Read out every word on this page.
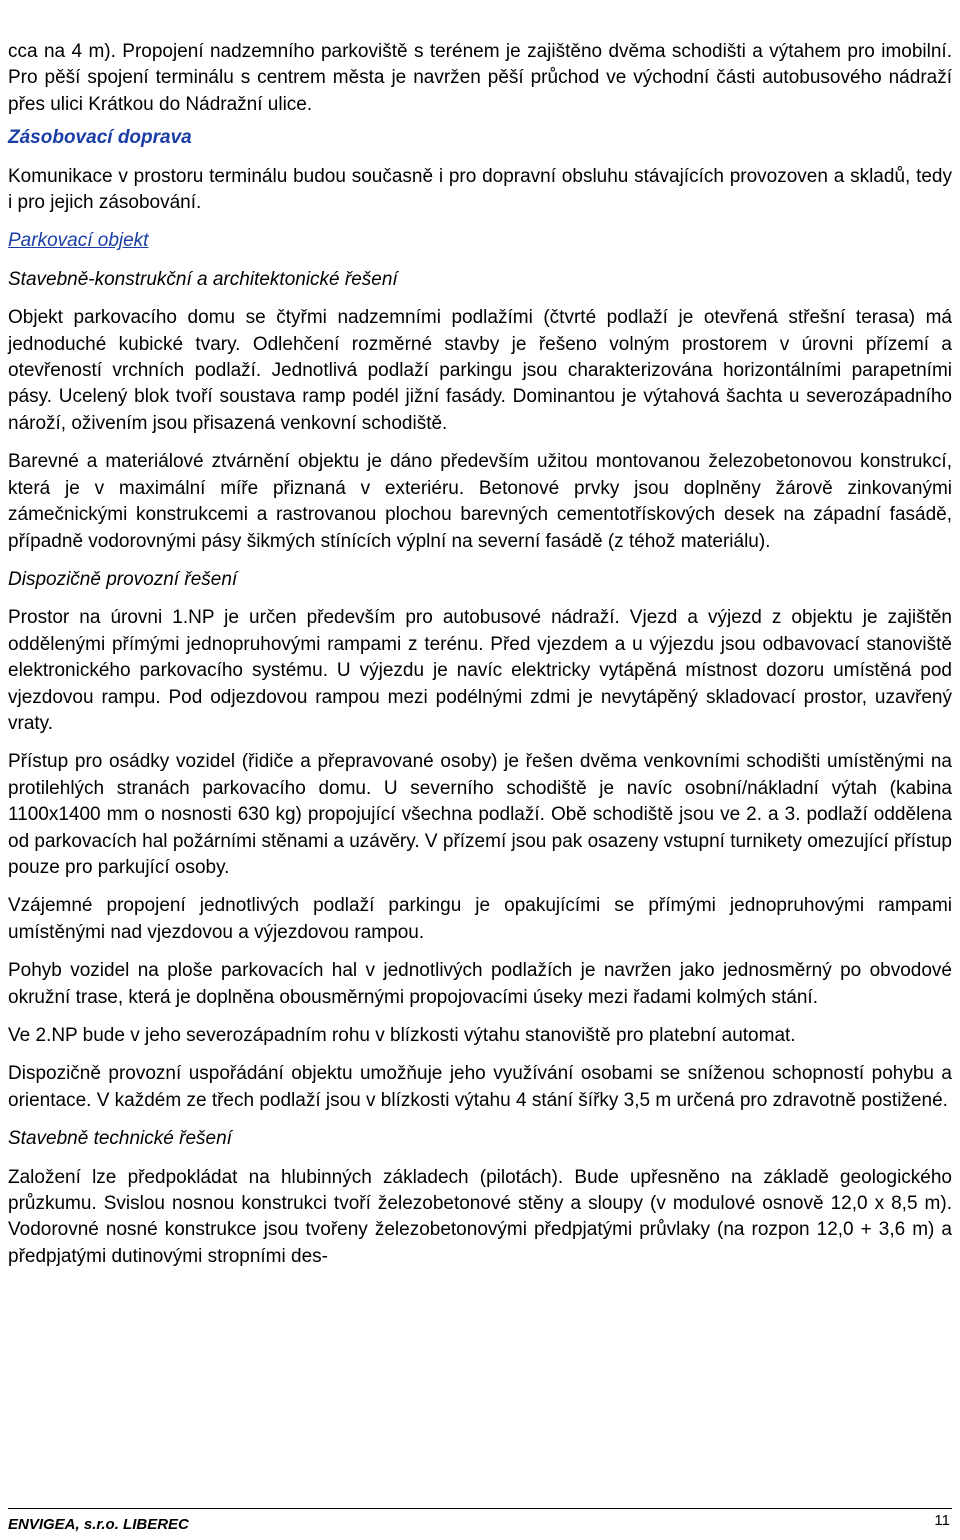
cca na 4 m). Propojení nadzemního parkoviště s terénem je zajištěno dvěma schodišti a výtahem pro imobilní. Pro pěší spojení terminálu s centrem města je navržen pěší průchod ve východní části autobusového nádraží přes ulici Krátkou do Nádražní ulice.

Zásobovací doprava

Komunikace v prostoru terminálu budou současně i pro dopravní obsluhu stávajících provozoven a skladů, tedy i pro jejich zásobování.

Parkovací objekt
Stavebně-konstrukční a architektonické řešení

Objekt parkovacího domu se čtyřmi nadzemními podlažími (čtvrté podlaží je otevřená střešní terasa) má jednoduché kubické tvary. Odlehčení rozměrné stavby je řešeno volným prostorem v úrovni přízemí a otevřeností vrchních podlaží. Jednotlivá podlaží parkingu jsou charakterizována horizontálními parapetními pásy. Ucelený blok tvoří soustava ramp podél jižní fasády. Dominantou je výtahová šachta u severozápadního nároží, oživením jsou přisazená venkovní schodiště.

Barevné a materiálové ztvárnění objektu je dáno především užitou montovanou železobetonovou konstrukcí, která je v maximální míře přiznaná v exteriéru. Betonové prvky jsou doplněny žárově zinkovanými zámečnickými konstrukcemi a rastrovanou plochou barevných cementotřískových desek na západní fasádě, případně vodorovnými pásy šikmých stínících výplní na severní fasádě (z téhož materiálu).

Dispozičně provozní řešení

Prostor na úrovni 1.NP je určen především pro autobusové nádraží. Vjezd a výjezd z objektu je zajištěn oddělenými přímými jednopruhovými rampami z terénu. Před vjezdem a u výjezdu jsou odbavovací stanoviště elektronického parkovacího systému. U výjezdu je navíc elektricky vytápěná místnost dozoru umístěná pod vjezdovou rampu. Pod odjezdovou rampou mezi podélnými zdmi je nevytápěný skladovací prostor, uzavřený vraty.

Přístup pro osádky vozidel (řidiče a přepravované osoby) je řešen dvěma venkovními schodišti umístěnými na protilehlých stranách parkovacího domu. U severního schodiště je navíc osobní/nákladní výtah (kabina 1100x1400 mm o nosnosti 630 kg) propojující všechna podlaží. Obě schodiště jsou ve 2. a 3. podlaží oddělena od parkovacích hal požárními stěnami a uzávěry. V přízemí jsou pak osazeny vstupní turnikety omezující přístup pouze pro parkující osoby.

Vzájemné propojení jednotlivých podlaží parkingu je opakujícími se přímými jednopruhovými rampami umístěnými nad vjezdovou a výjezdovou rampou.

Pohyb vozidel na ploše parkovacích hal v jednotlivých podlažích je navržen jako jednosměrný po obvodové okružní trase, která je doplněna obousměrnými propojovacími úseky mezi řadami kolmých stání.

Ve 2.NP bude v jeho severozápadním rohu v blízkosti výtahu stanoviště pro platební automat.

Dispozičně provozní uspořádání objektu umožňuje jeho využívání osobami se sníženou schopností pohybu a orientace. V každém ze třech podlaží jsou v blízkosti výtahu 4 stání šířky 3,5 m určená pro zdravotně postižené.

Stavebně technické řešení

Založení lze předpokládat na hlubinných základech (pilotách). Bude upřesněno na základě geologického průzkumu. Svislou nosnou konstrukci tvoří železobetonové stěny a sloupy (v modulové osnově 12,0 x 8,5 m). Vodorovné nosné konstrukce jsou tvořeny železobetonovými předpjatými průvlaky (na rozpon 12,0 + 3,6 m) a předpjatými dutinovými stropními des-

ENVIGEA, s.r.o. LIBEREC	11
